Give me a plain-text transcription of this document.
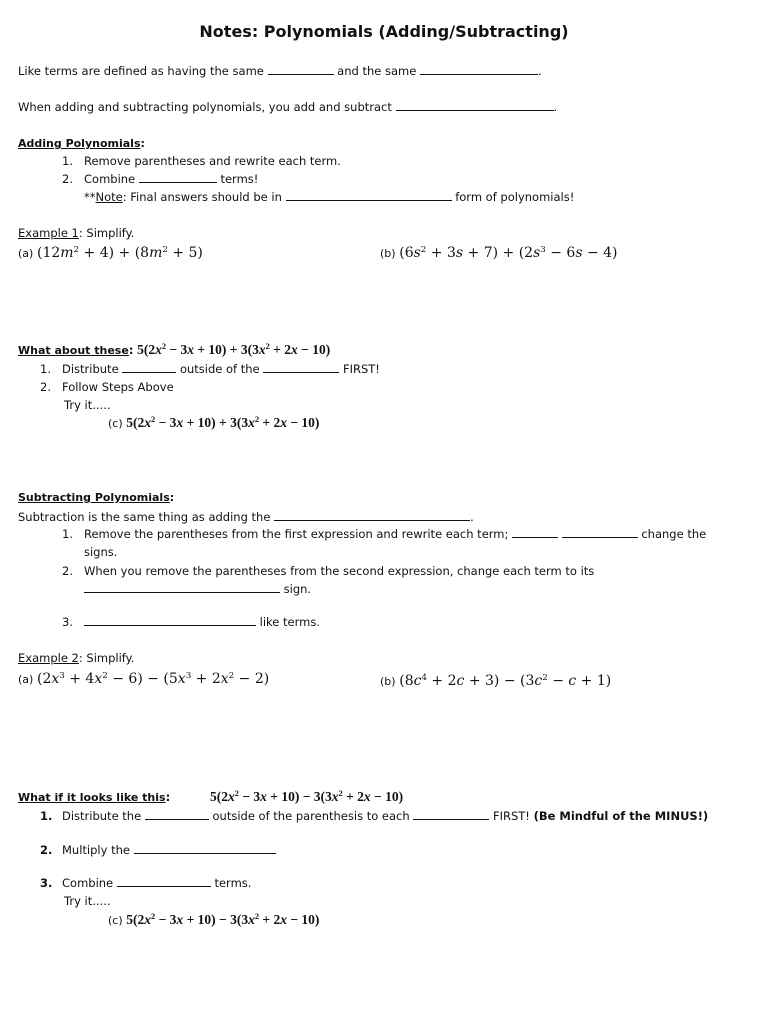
Notes: Polynomials (Adding/Subtracting)
Like terms are defined as having the same	and the same	.
When adding and subtracting polynomials, you add and subtract	.
Adding Polynomials:
1. Remove parentheses and rewrite each term.
2. Combine	terms!
**Note: Final answers should be in	form of polynomials!
Example 1: Simplify.
(a) $(12m^2 + 4) + (8m^2 + 5)$	(b) $(6s^2 + 3s + 7) + (2s^3 - 6s - 4)$
What about these: $5(2x^2 - 3x + 10) + 3(3x^2 + 2x - 10)$
1. Distribute	outside of the	FIRST!
2. Follow Steps Above
Try it.....
(c) $5(2x^2 - 3x + 10) + 3(3x^2 + 2x - 10)$
Subtracting Polynomials:
Subtraction is the same thing as adding the	.
1. Remove the parentheses from the first expression and rewrite each term;	change the
signs.
2. When you remove the parentheses from the second expression, change each term to its
sign.
3.	like terms.
Example 2: Simplify.
(a) $(2x^3 + 4x^2 - 6) - (5x^3 + 2x^2 - 2)$	(b) $(8c^4 + 2c + 3) - (3c^2 - c + 1)$
What if it looks like this:	$5(2x^2 - 3x + 10) - 3(3x^2 + 2x - 10)$
1. Distribute the	outside of the parenthesis to each	FIRST! (Be Mindful of the MINUS!)
2. Multiply the
3. Combine	terms.
Try it.....
(c) $5(2x^2 - 3x + 10) - 3(3x^2 + 2x - 10)$
